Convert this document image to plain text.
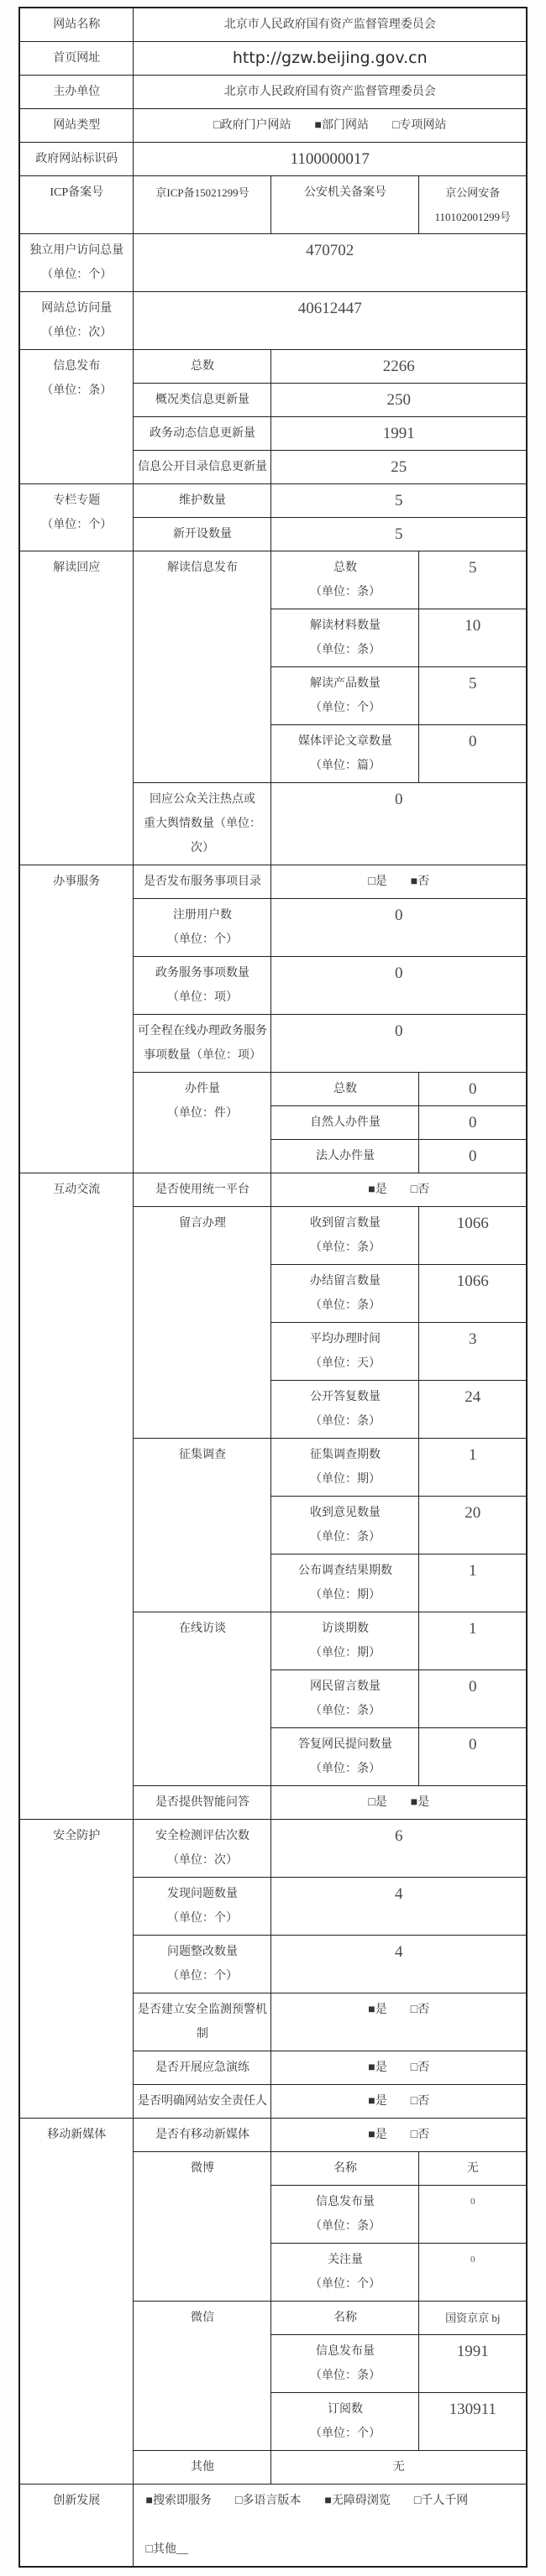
网站名称	北京市人民政府国有资产监督管理委员会		
首页网址	http://gzw.beijing.gov.cn		
主办单位	北京市人民政府国有资产监督管理委员会		
网站类型	□政府门户网站　　■部门网站　　□专项网站		
政府网站标识码	1100000017		
ICP备案号	京ICP备15021299号	公安机关备案号	京公网安备
110102001299号
独立用户访问总量
（单位：个）	470702		
网站总访问量
（单位：次）	40612447		
信息发布
（单位：条）	总数	2266	
	概况类信息更新量	250	
	政务动态信息更新量	1991	
	信息公开目录信息更新量	25	
专栏专题
（单位：个）	维护数量	5	
	新开设数量	5	
解读回应	解读信息发布	总数
（单位：条）	5
		解读材料数量
（单位：条）	10
		解读产品数量
（单位：个）	5
		媒体评论文章数量
（单位：篇）	0
	回应公众关注热点或
重大舆情数量（单位：
次）	0	
办事服务	是否发布服务事项目录	□是　　■否	
	注册用户数
（单位：个）	0	
	政务服务事项数量
（单位：项）	0	
	可全程在线办理政务服务
事项数量（单位：项）	0	
	办件量
（单位：件）	总数	0
		自然人办件量	0
		法人办件量	0
互动交流	是否使用统一平台	■是　　□否	
	留言办理	收到留言数量
（单位：条）	1066
		办结留言数量
（单位：条）	1066
		平均办理时间
（单位：天）	3
		公开答复数量
（单位：条）	24
	征集调查	征集调查期数
（单位：期）	1
		收到意见数量
（单位：条）	20
		公布调查结果期数
（单位：期）	1
	在线访谈	访谈期数
（单位：期）	1
		网民留言数量
（单位：条）	0
		答复网民提问数量
（单位：条）	0
	是否提供智能问答	□是　　■是	
安全防护	安全检测评估次数
（单位：次）	6	
	发现问题数量
（单位：个）	4	
	问题整改数量
（单位：个）	4	
	是否建立安全监测预警机
制	■是　　□否	
	是否开展应急演练	■是　　□否	
	是否明确网站安全责任人	■是　　□否	
移动新媒体	是否有移动新媒体	■是　　□否	
	微博	名称	无
		信息发布量
（单位：条）	0
		关注量
（单位：个）	0
	微信	名称	国资京京 bj
		信息发布量
（单位：条）	1991
		订阅数
（单位：个）	130911
	其他	无	
创新发展	■搜索即服务　　□多语言版本　　■无障碍浏览　　□千人千网

□其他__		
